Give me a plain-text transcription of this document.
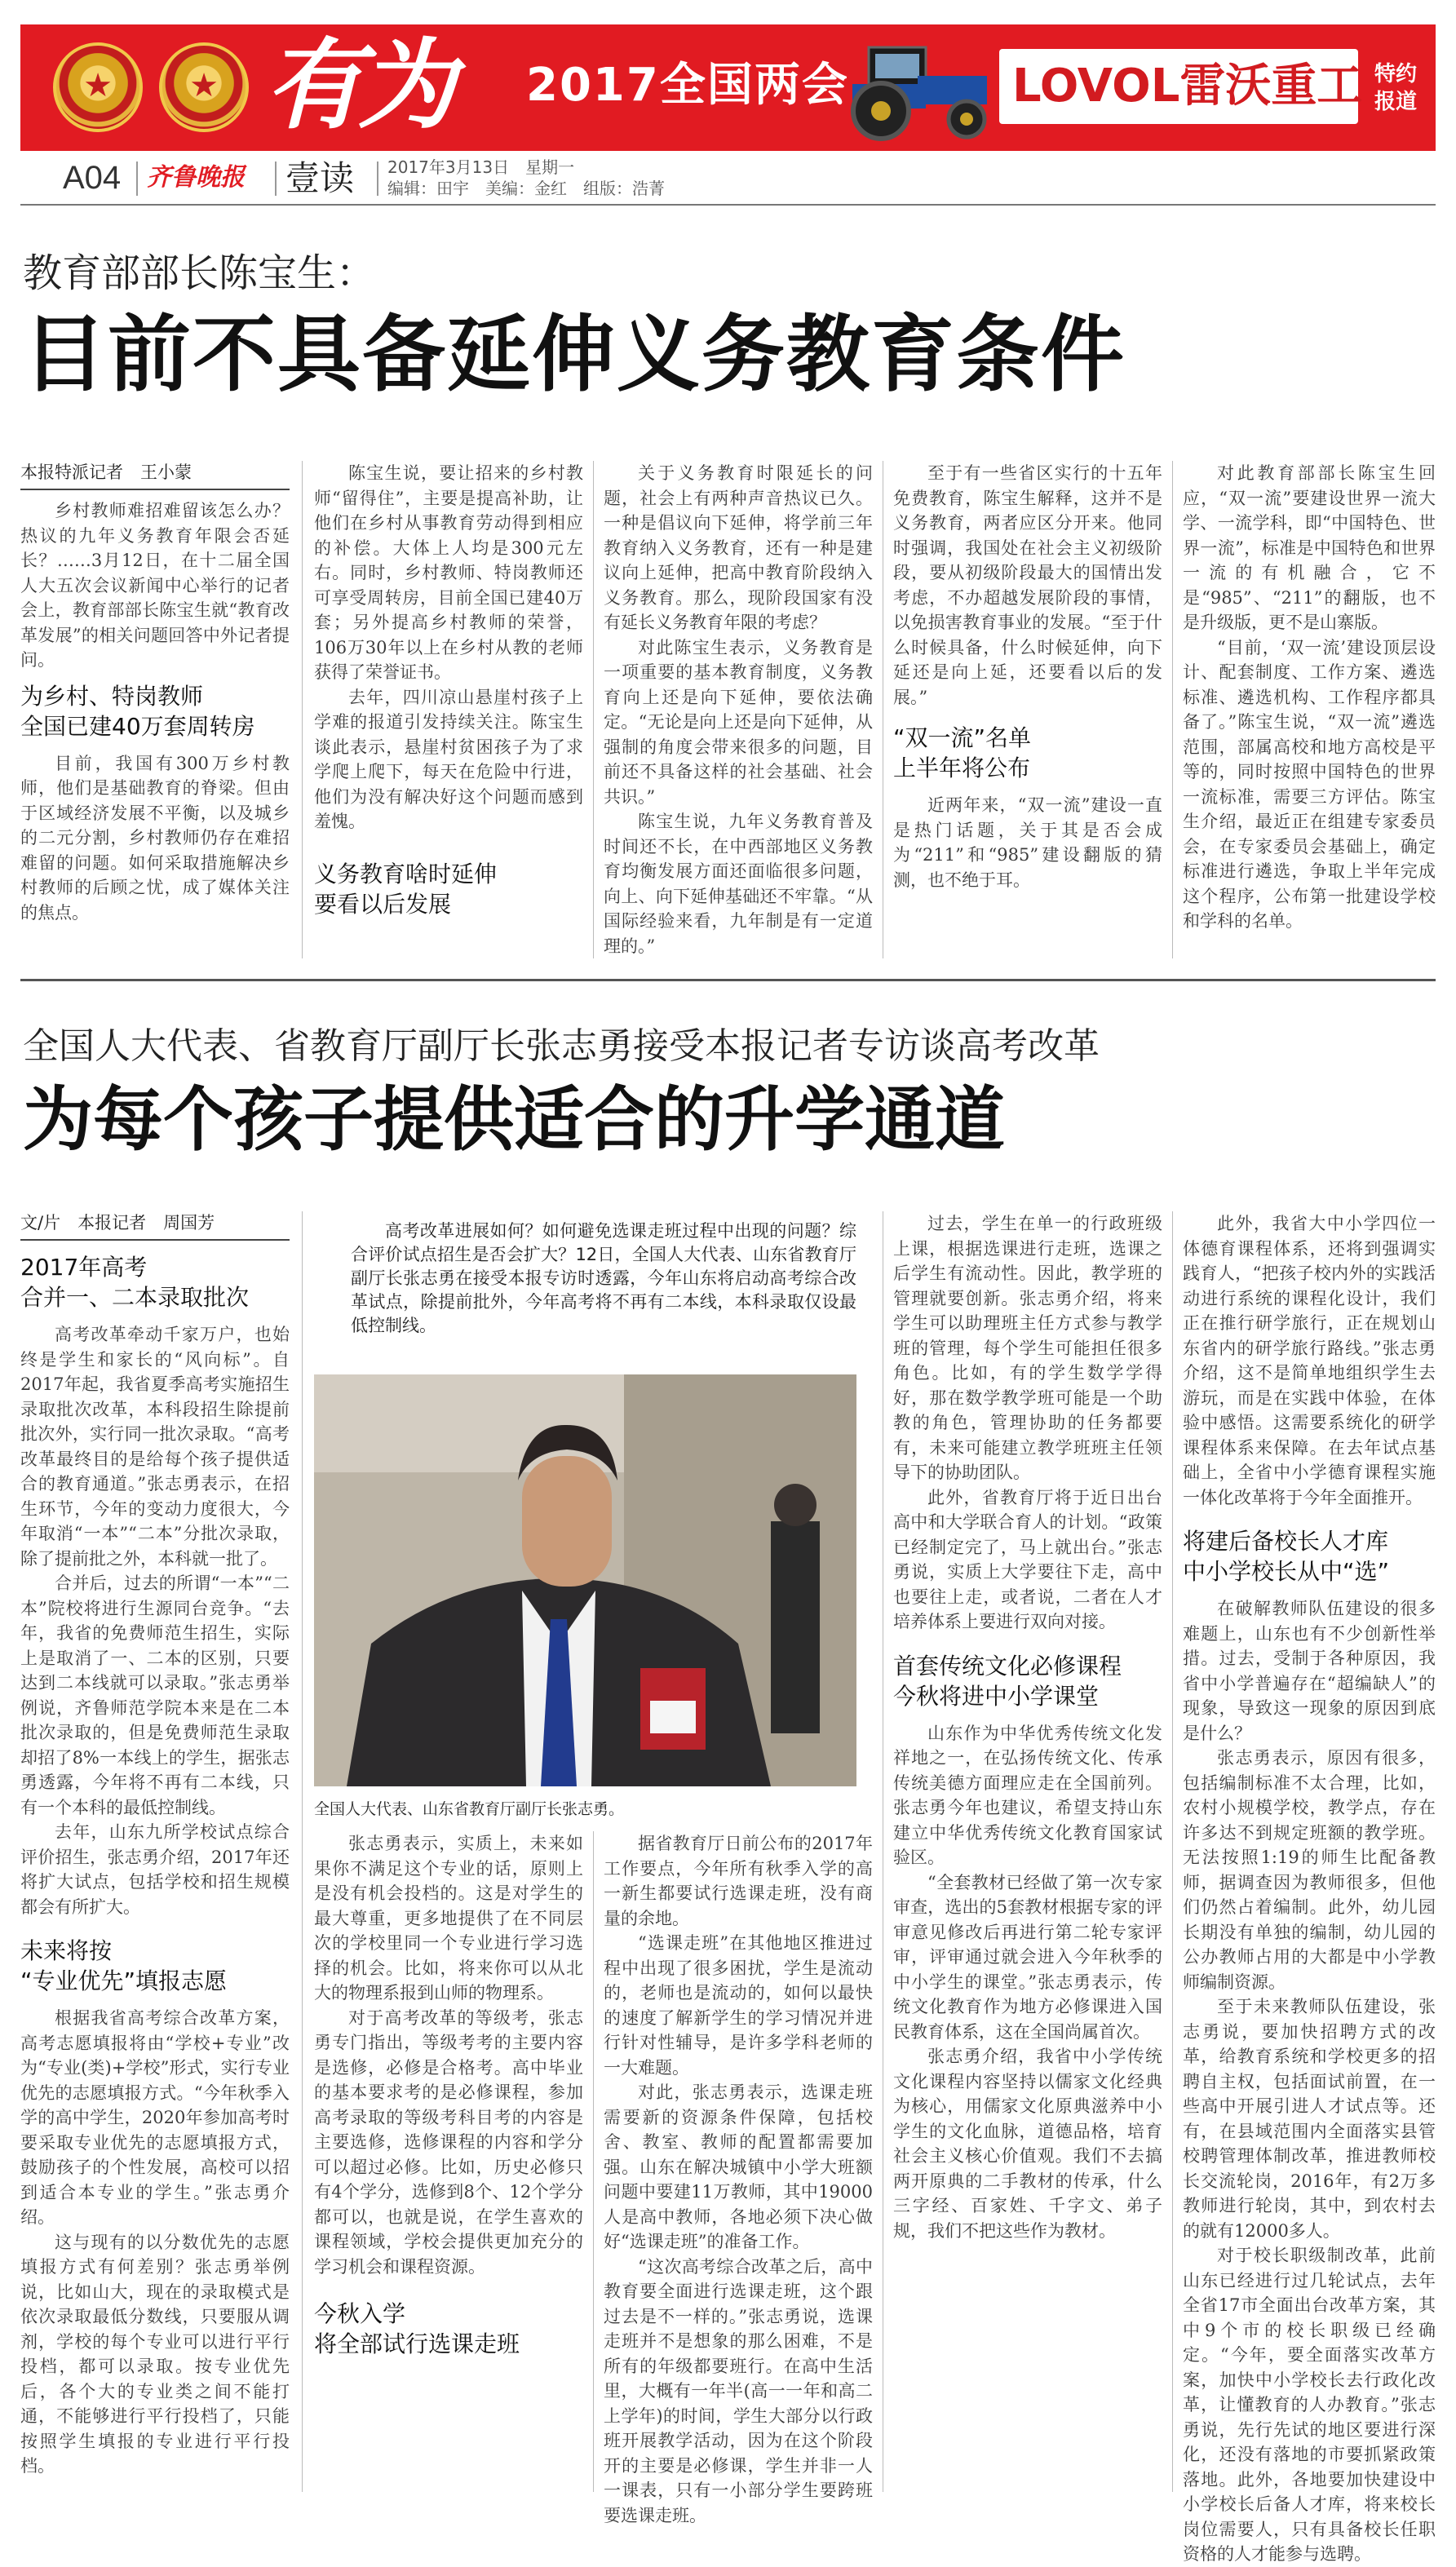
★
★
有为 2017全国两会	LOVOL雷沃重工 特约报道
A04 齐鲁晚报 壹读 2017年3月13日　星期一
编辑：田宇　美编：金红　组版：浩菁
教育部部长陈宝生：
目前不具备延伸义务教育条件
本报特派记者　王小蒙

乡村教师难招难留该怎么办？热议的九年义务教育年限会否延长？……3月12日，在十二届全国人大五次会议新闻中心举行的记者会上，教育部部长陈宝生就“教育改革发展”的相关问题回答中外记者提问。

为乡村、特岗教师
全国已建40万套周转房

目前，我国有300万乡村教师，他们是基础教育的脊梁。但由于区域经济发展不平衡，以及城乡的二元分割，乡村教师仍存在难招难留的问题。如何采取措施解决乡村教师的后顾之忧，成了媒体关注的焦点。

陈宝生说，要让招来的乡村教师“留得住”，主要是提高补助，让他们在乡村从事教育劳动得到相应的补偿。大体上人均是300元左右。同时，乡村教师、特岗教师还可享受周转房，目前全国已建40万套；另外提高乡村教师的荣誉，106万30年以上在乡村从教的老师获得了荣誉证书。

去年，四川凉山悬崖村孩子上学难的报道引发持续关注。陈宝生谈此表示，悬崖村贫困孩子为了求学爬上爬下，每天在危险中行进，他们为没有解决好这个问题而感到羞愧。

义务教育啥时延伸
要看以后发展

关于义务教育时限延长的问题，社会上有两种声音热议已久。一种是倡议向下延伸，将学前三年教育纳入义务教育，还有一种是建议向上延伸，把高中教育阶段纳入义务教育。那么，现阶段国家有没有延长义务教育年限的考虑？

对此陈宝生表示，义务教育是一项重要的基本教育制度，义务教育向上还是向下延伸，要依法确定。“无论是向上还是向下延伸，从强制的角度会带来很多的问题，目前还不具备这样的社会基础、社会共识。”

陈宝生说，九年义务教育普及时间还不长，在中西部地区义务教育均衡发展方面还面临很多问题，向上、向下延伸基础还不牢靠。“从国际经验来看，九年制是有一定道理的。”

至于有一些省区实行的十五年免费教育，陈宝生解释，这并不是义务教育，两者应区分开来。他同时强调，我国处在社会主义初级阶段，要从初级阶段最大的国情出发考虑，不办超越发展阶段的事情，以免损害教育事业的发展。“至于什么时候具备，什么时候延伸，向下延还是向上延，还要看以后的发展。”

“双一流”名单
上半年将公布

近两年来，“双一流”建设一直是热门话题，关于其是否会成为“211”和“985”建设翻版的猜测，也不绝于耳。

对此教育部部长陈宝生回应，“双一流”要建设世界一流大学、一流学科，即“中国特色、世界一流”，标准是中国特色和世界一流的有机融合，它不是“985”、“211”的翻版，也不是升级版，更不是山寨版。

“目前，‘双一流’建设顶层设计、配套制度、工作方案、遴选标准、遴选机构、工作程序都具备了。”陈宝生说，“双一流”遴选范围，部属高校和地方高校是平等的，同时按照中国特色的世界一流标准，需要三方评估。陈宝生介绍，最近正在组建专家委员会，在专家委员会基础上，确定标准进行遴选，争取上半年完成这个程序，公布第一批建设学校和学科的名单。

全国人大代表、省教育厅副厅长张志勇接受本报记者专访谈高考改革
为每个孩子提供适合的升学通道
高考改革进展如何？如何避免选课走班过程中出现的问题？综合评价试点招生是否会扩大？12日，全国人大代表、山东省教育厅副厅长张志勇在接受本报专访时透露，今年山东将启动高考综合改革试点，除提前批外，今年高考将不再有二本线，本科录取仅设最低控制线。
全国人大代表、山东省教育厅副厅长张志勇。
文/片　本报记者　周国芳
2017年高考
合并一、二本录取批次

高考改革牵动千家万户，也始终是学生和家长的“风向标”。自2017年起，我省夏季高考实施招生录取批次改革，本科段招生除提前批次外，实行同一批次录取。“高考改革最终目的是给每个孩子提供适合的教育通道。”张志勇表示，在招生环节，今年的变动力度很大，今年取消“一本”“二本”分批次录取，除了提前批之外，本科就一批了。

合并后，过去的所谓“一本”“二本”院校将进行生源同台竞争。“去年，我省的免费师范生招生，实际上是取消了一、二本的区别，只要达到二本线就可以录取。”张志勇举例说，齐鲁师范学院本来是在二本批次录取的，但是免费师范生录取却招了8%一本线上的学生，据张志勇透露，今年将不再有二本线，只有一个本科的最低控制线。

去年，山东九所学校试点综合评价招生，张志勇介绍，2017年还将扩大试点，包括学校和招生规模都会有所扩大。

未来将按
“专业优先”填报志愿

根据我省高考综合改革方案，高考志愿填报将由“学校+专业”改为“专业(类)+学校”形式，实行专业优先的志愿填报方式。“今年秋季入学的高中学生，2020年参加高考时要采取专业优先的志愿填报方式，鼓励孩子的个性发展，高校可以招到适合本专业的学生。”张志勇介绍。

这与现有的以分数优先的志愿填报方式有何差别？张志勇举例说，比如山大，现在的录取模式是依次录取最低分数线，只要服从调剂，学校的每个专业可以进行平行投档，都可以录取。按专业优先后，各个大的专业类之间不能打通，不能够进行平行投档了，只能按照学生填报的专业进行平行投档。

张志勇表示，实质上，未来如果你不满足这个专业的话，原则上是没有机会投档的。这是对学生的最大尊重，更多地提供了在不同层次的学校里同一个专业进行学习选择的机会。比如，将来你可以从北大的物理系报到山师的物理系。

对于高考改革的等级考，张志勇专门指出，等级考考的主要内容是选修，必修是合格考。高中毕业的基本要求考的是必修课程，参加高考录取的等级考科目考的内容是主要选修，选修课程的内容和学分可以超过必修。比如，历史必修只有4个学分，选修到8个、12个学分都可以，也就是说，在学生喜欢的课程领域，学校会提供更加充分的学习机会和课程资源。

今秋入学
将全部试行选课走班

据省教育厅日前公布的2017年工作要点，今年所有秋季入学的高一新生都要试行选课走班，没有商量的余地。

“选课走班”在其他地区推进过程中出现了很多困扰，学生是流动的，老师也是流动的，如何以最快的速度了解新学生的学习情况并进行针对性辅导，是许多学科老师的一大难题。

对此，张志勇表示，选课走班需要新的资源条件保障，包括校舍、教室、教师的配置都需要加强。山东在解决城镇中小学大班额问题中要建11万教师，其中19000人是高中教师，各地必须下决心做好“选课走班”的准备工作。

“这次高考综合改革之后，高中教育要全面进行选课走班，这个跟过去是不一样的。”张志勇说，选课走班并不是想象的那么困难，不是所有的年级都要班行。在高中生活里，大概有一年半(高一一年和高二上学年)的时间，学生大部分以行政班开展教学活动，因为在这个阶段开的主要是必修课，学生并非一人一课表，只有一小部分学生要跨班要选课走班。

过去，学生在单一的行政班级上课，根据选课进行走班，选课之后学生有流动性。因此，教学班的管理就要创新。张志勇介绍，将来学生可以助理班主任方式参与教学班的管理，每个学生可能担任很多角色。比如，有的学生数学学得好，那在数学教学班可能是一个助教的角色，管理协助的任务都要有，未来可能建立教学班班主任领导下的协助团队。

此外，省教育厅将于近日出台高中和大学联合育人的计划。“政策已经制定完了，马上就出台。”张志勇说，实质上大学要往下走，高中也要往上走，或者说，二者在人才培养体系上要进行双向对接。

首套传统文化必修课程
今秋将进中小学课堂

山东作为中华优秀传统文化发祥地之一，在弘扬传统文化、传承传统美德方面理应走在全国前列。张志勇今年也建议，希望支持山东建立中华优秀传统文化教育国家试验区。

“全套教材已经做了第一次专家审查，选出的5套教材根据专家的评审意见修改后再进行第二轮专家评审，评审通过就会进入今年秋季的中小学生的课堂。”张志勇表示，传统文化教育作为地方必修课进入国民教育体系，这在全国尚属首次。

张志勇介绍，我省中小学传统文化课程内容坚持以儒家文化经典为核心，用儒家文化原典滋养中小学生的文化血脉，道德品格，培育社会主义核心价值观。我们不去搞两开原典的二手教材的传承，什么三字经、百家姓、千字文、弟子规，我们不把这些作为教材。

此外，我省大中小学四位一体德育课程体系，还将到强调实践育人，“把孩子校内外的实践活动进行系统的课程化设计，我们正在推行研学旅行，正在规划山东省内的研学旅行路线。”张志勇介绍，这不是简单地组织学生去游玩，而是在实践中体验，在体验中感悟。这需要系统化的研学课程体系来保障。在去年试点基础上，全省中小学德育课程实施一体化改革将于今年全面推开。

将建后备校长人才库
中小学校长从中“选”

在破解教师队伍建设的很多难题上，山东也有不少创新性举措。过去，受制于各种原因，我省中小学普遍存在“超编缺人”的现象，导致这一现象的原因到底是什么？

张志勇表示，原因有很多，包括编制标准不太合理，比如，农村小规模学校，教学点，存在许多达不到规定班额的教学班。无法按照1:19的师生比配备教师，据调查因为教师很多，但他们仍然占着编制。此外，幼儿园长期没有单独的编制，幼儿园的公办教师占用的大都是中小学教师编制资源。

至于未来教师队伍建设，张志勇说，要加快招聘方式的改革，给教育系统和学校更多的招聘自主权，包括面试前置，在一些高中开展引进人才试点等。还有，在县域范围内全面落实县管校聘管理体制改革，推进教师校长交流轮岗，2016年，有2万多教师进行轮岗，其中，到农村去的就有12000多人。

对于校长职级制改革，此前山东已经进行过几轮试点，去年全省17市全面出台改革方案，其中9个市的校长职级已经确定。“今年，要全面落实改革方案，加快中小学校长去行政化改革，让懂教育的人办教育。”张志勇说，先行先试的地区要进行深化，还没有落地的市要抓紧政策落地。此外，各地要加快建设中小学校长后备人才库，将来校长岗位需要人，只有具备校长任职资格的人才能参与选聘。
